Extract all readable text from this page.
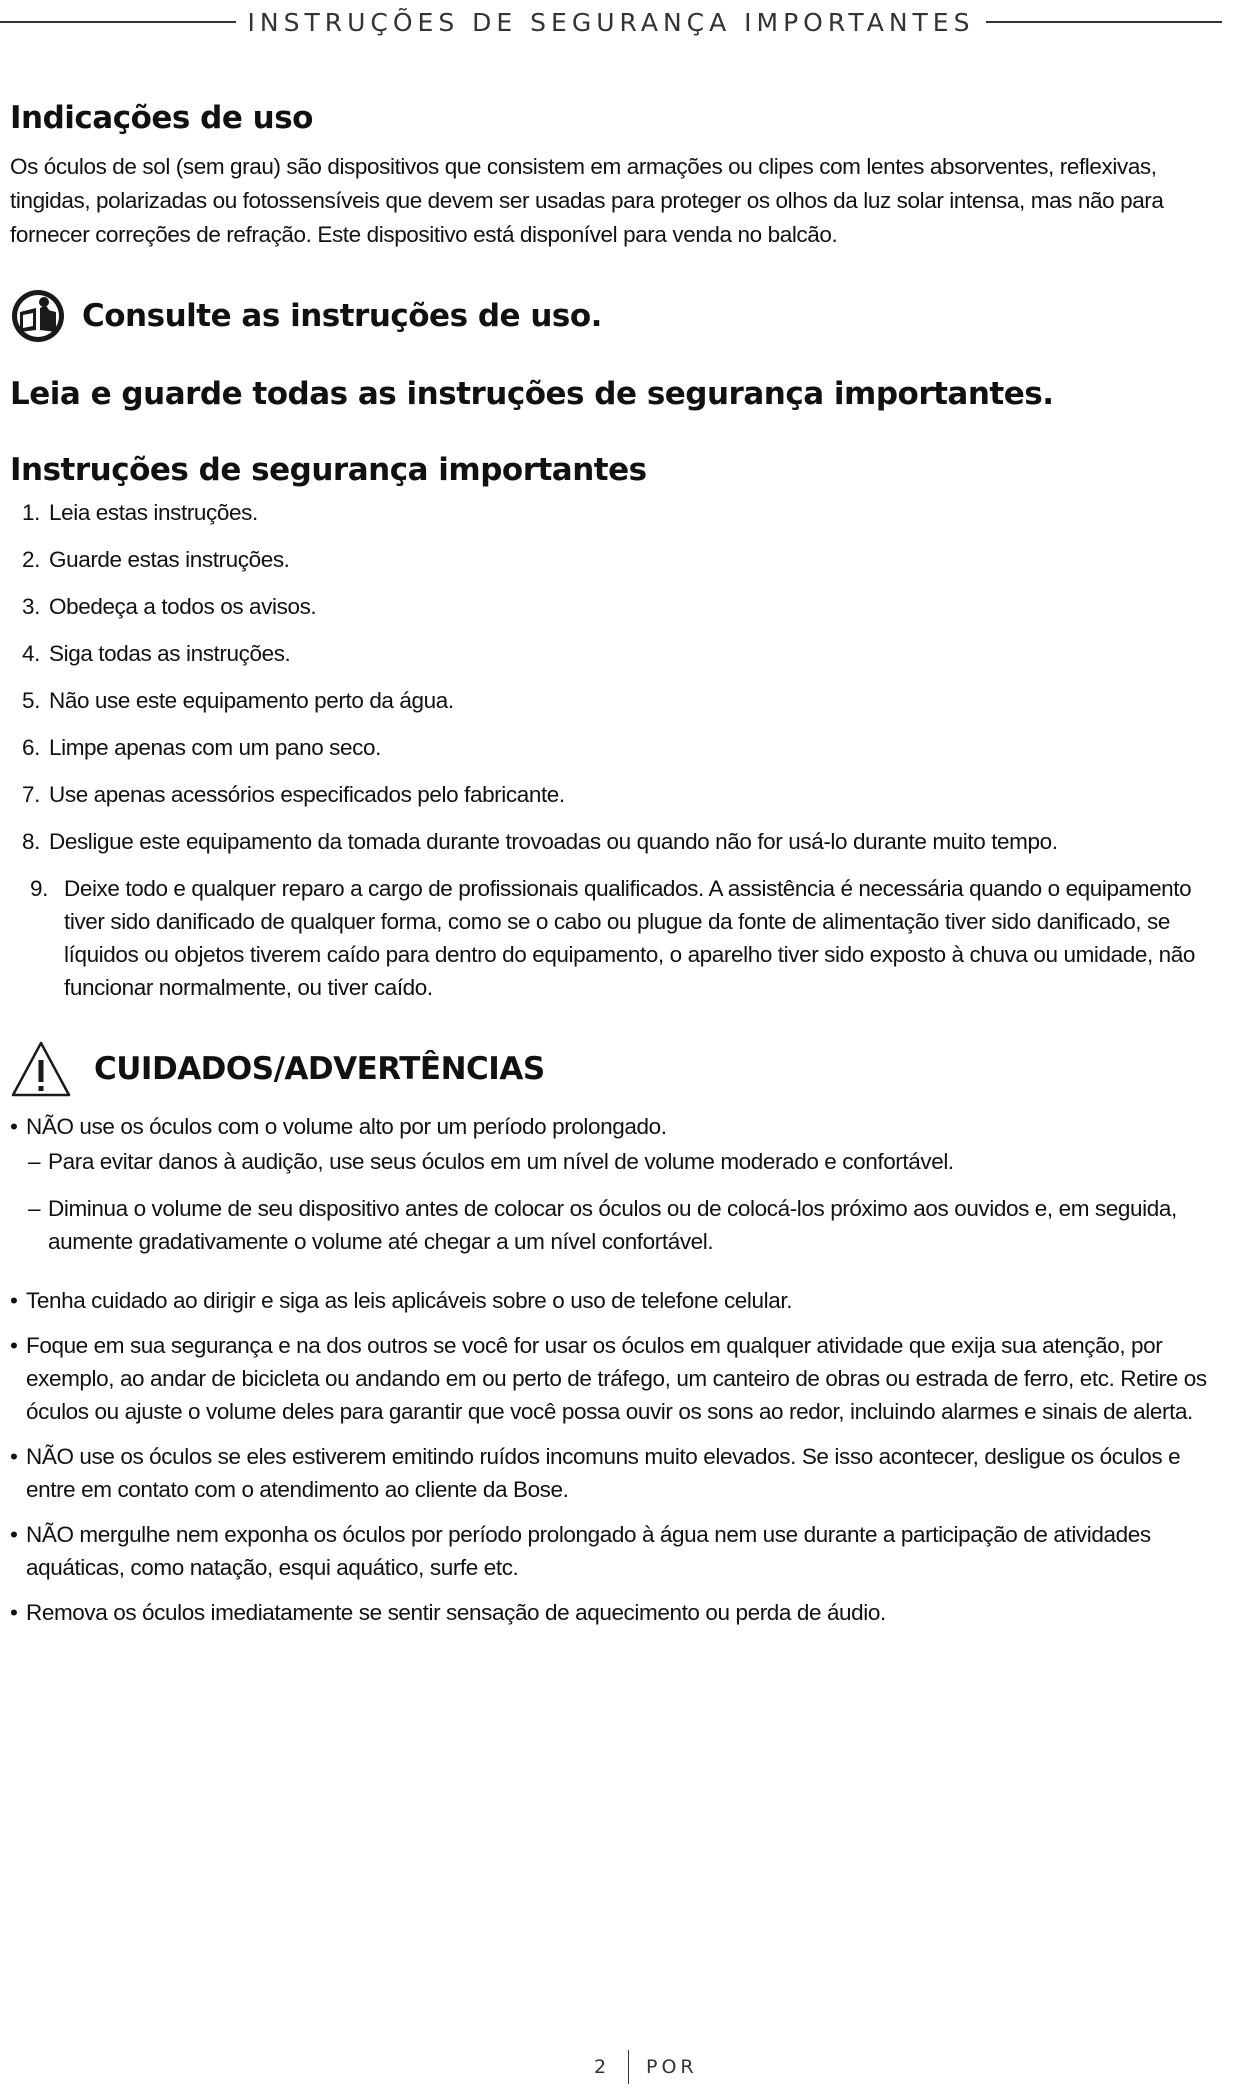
INSTRUÇÕES DE SEGURANÇA IMPORTANTES
Indicações de uso

Os óculos de sol (sem grau) são dispositivos que consistem em armações ou clipes com lentes absorventes, reflexivas, tingidas, polarizadas ou fotossensíveis que devem ser usadas para proteger os olhos da luz solar intensa, mas não para fornecer correções de refração. Este dispositivo está disponível para venda no balcão.

Consulte as instruções de uso.

Leia e guarde todas as instruções de segurança importantes.

Instruções de segurança importantes
1. Leia estas instruções.
2. Guarde estas instruções.
3. Obedeça a todos os avisos.
4. Siga todas as instruções.
5. Não use este equipamento perto da água.
6. Limpe apenas com um pano seco.
7. Use apenas acessórios especificados pelo fabricante.
8. Desligue este equipamento da tomada durante trovoadas ou quando não for usá-lo durante muito tempo.
9. Deixe todo e qualquer reparo a cargo de profissionais qualificados. A assistência é necessária quando o equipamento tiver sido danificado de qualquer forma, como se o cabo ou plugue da fonte de alimentação tiver sido danificado, se líquidos ou objetos tiverem caído para dentro do equipamento, o aparelho tiver sido exposto à chuva ou umidade, não funcionar normalmente, ou tiver caído.
CUIDADOS/ADVERTÊNCIAS
• NÃO use os óculos com o volume alto por um período prolongado.
– Para evitar danos à audição, use seus óculos em um nível de volume moderado e confortável.
– Diminua o volume de seu dispositivo antes de colocar os óculos ou de colocá-los próximo aos ouvidos e, em seguida, aumente gradativamente o volume até chegar a um nível confortável.
• Tenha cuidado ao dirigir e siga as leis aplicáveis sobre o uso de telefone celular.
• Foque em sua segurança e na dos outros se você for usar os óculos em qualquer atividade que exija sua atenção, por exemplo, ao andar de bicicleta ou andando em ou perto de tráfego, um canteiro de obras ou estrada de ferro, etc. Retire os óculos ou ajuste o volume deles para garantir que você possa ouvir os sons ao redor, incluindo alarmes e sinais de alerta.
• NÃO use os óculos se eles estiverem emitindo ruídos incomuns muito elevados. Se isso acontecer, desligue os óculos e entre em contato com o atendimento ao cliente da Bose.
• NÃO mergulhe nem exponha os óculos por período prolongado à água nem use durante a participação de atividades aquáticas, como natação, esqui aquático, surfe etc.
• Remova os óculos imediatamente se sentir sensação de aquecimento ou perda de áudio.
2 POR
